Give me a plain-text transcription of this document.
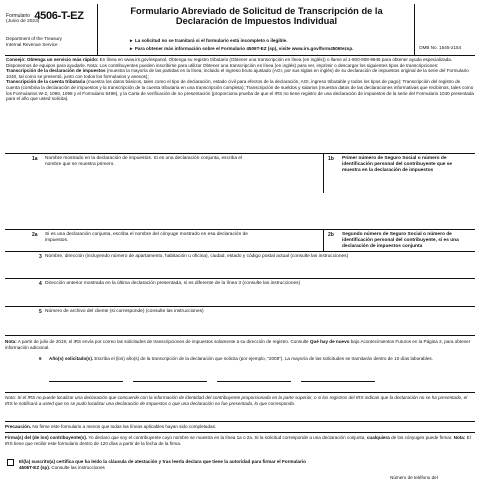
Formulario 4506-T-EZ
(Junio de 2023)
Department of the Treasury
Internal Revenue Service
Formulario Abreviado de Solicitud de Transcripción de la
Declaración de Impuestos Individual
► La solicitud no se tramitará si el formulario está incompleto o ilegible.
► Para obtener más información sobre el Formulario 4506T-EZ (sp), visite www.irs.gov/form4506tezsp.	OMB No. 1545-2154

Consejo: Obtenga un servicio más rápido: En línea en www.irs.gov/espanol, Obtenga su registro tributario (Obtener una transcripción en línea (en inglés)) o llame al 1-800-908-9946 para obtener ayuda especializada. Disponemos de equipos para ayudarle. Nota: Los contribuyentes pueden inscribirse para utilizar Obtener una transcripción en línea (en inglés) para ver, imprimir o descargar los siguientes tipos de transcripciones:

Transcripción de la declaración de impuestos (muestra la mayoría de las partidas en la línea, incluido el ingreso bruto ajustado (AGI, por sus siglas en inglés) de su declaración de impuestos original de la serie del Formulario 1040, tal como se presentó, junto con todos los formularios y anexos);

Transcripción de la cuenta tributaria (muestra los datos básicos, tales como el tipo de declaración, estado civil para efectos de la declaración, AGI, ingreso tributable y todos los tipos de pago); Transcripción del registro de cuenta (combina la declaración de impuestos y la transcripción de la cuenta tributaria en una transcripción completa); Transcripción de sueldos y salarios (muestra datos de las declaraciones informativas que recibimos, tales como los Formularios W-2, 1099, 1098 y el Formulario 5498), y la Carta de verificación de no presentación (proporciona prueba de que el IRS no tiene registro de una declaración de impuestos de la serie del Formulario 1040 presentada para el año que usted solicita).

1a Nombre mostrado en la declaración de impuestos. Si es una declaración conjunta, escriba el nombre que se muestra primero.
1b Primer número de Seguro Social o número de identificación personal del contribuyente que se muestra en la declaración de impuestos
2a Si es una declaración conjunta, escriba el nombre del cónyuge mostrado en esa declaración de impuestos.
2b Segundo número de Seguro Social o número de identificación personal del contribuyente, si es una declaración de impuestos conjunta
3 Nombre, dirección (incluyendo número de apartamento, habitación u oficina), ciudad, estado y código postal actual (consulte las instrucciones)
4 Dirección anterior mostrada en la última declaración presentada, si es diferente de la línea 3 (consulte las instrucciones)
5 Número de archivo del cliente (si corresponde) (consulte las instrucciones)
Nota: A partir de julio de 2019, el IRS envía por correo las solicitudes de transcripciones de impuestos solamente a su dirección de registro. Consulte Qué hay de nuevo bajo Acontecimientos Futuros en la Página 2, para obtener información adicional.
6 Año(s) solicitado(s). Escriba el (los) año(s) de la transcripción de la declaración que solicita (por ejemplo, "2008"). La mayoría de las solicitudes se tramitarán dentro de 10 días laborables.
Nota: Si el IRS no puede localizar una declaración que concuerde con la información de identidad del contribuyente proporcionada en la parte superior, o si los registros del IRS indican que la declaración no se ha presentado, el IRS le notificará a usted que no se pudo localizar una declaración de impuestos o que una declaración no fue presentada, lo que corresponda.
Precaución. No firme este formulario a menos que todas las líneas aplicables hayan sido completadas.
Firma(s) del (de los) contribuyente(s). Yo declaro que soy el contribuyente cuyo nombre se muestra en la línea 1a o 2a. Si la solicitud corresponde a una declaración conjunta, cualquiera de los cónyuges puede firmar. Nota: El IRS tiene que recibir este formulario dentro de 120 días a partir de la fecha de la firma.
El(la) suscrito(a) certifica que ha leído la cláusula de atestación y tras leerla declara que tiene la autoridad para firmar el Formulario 4506T-EZ (sp). Consulte las instrucciones
Número de teléfono del
